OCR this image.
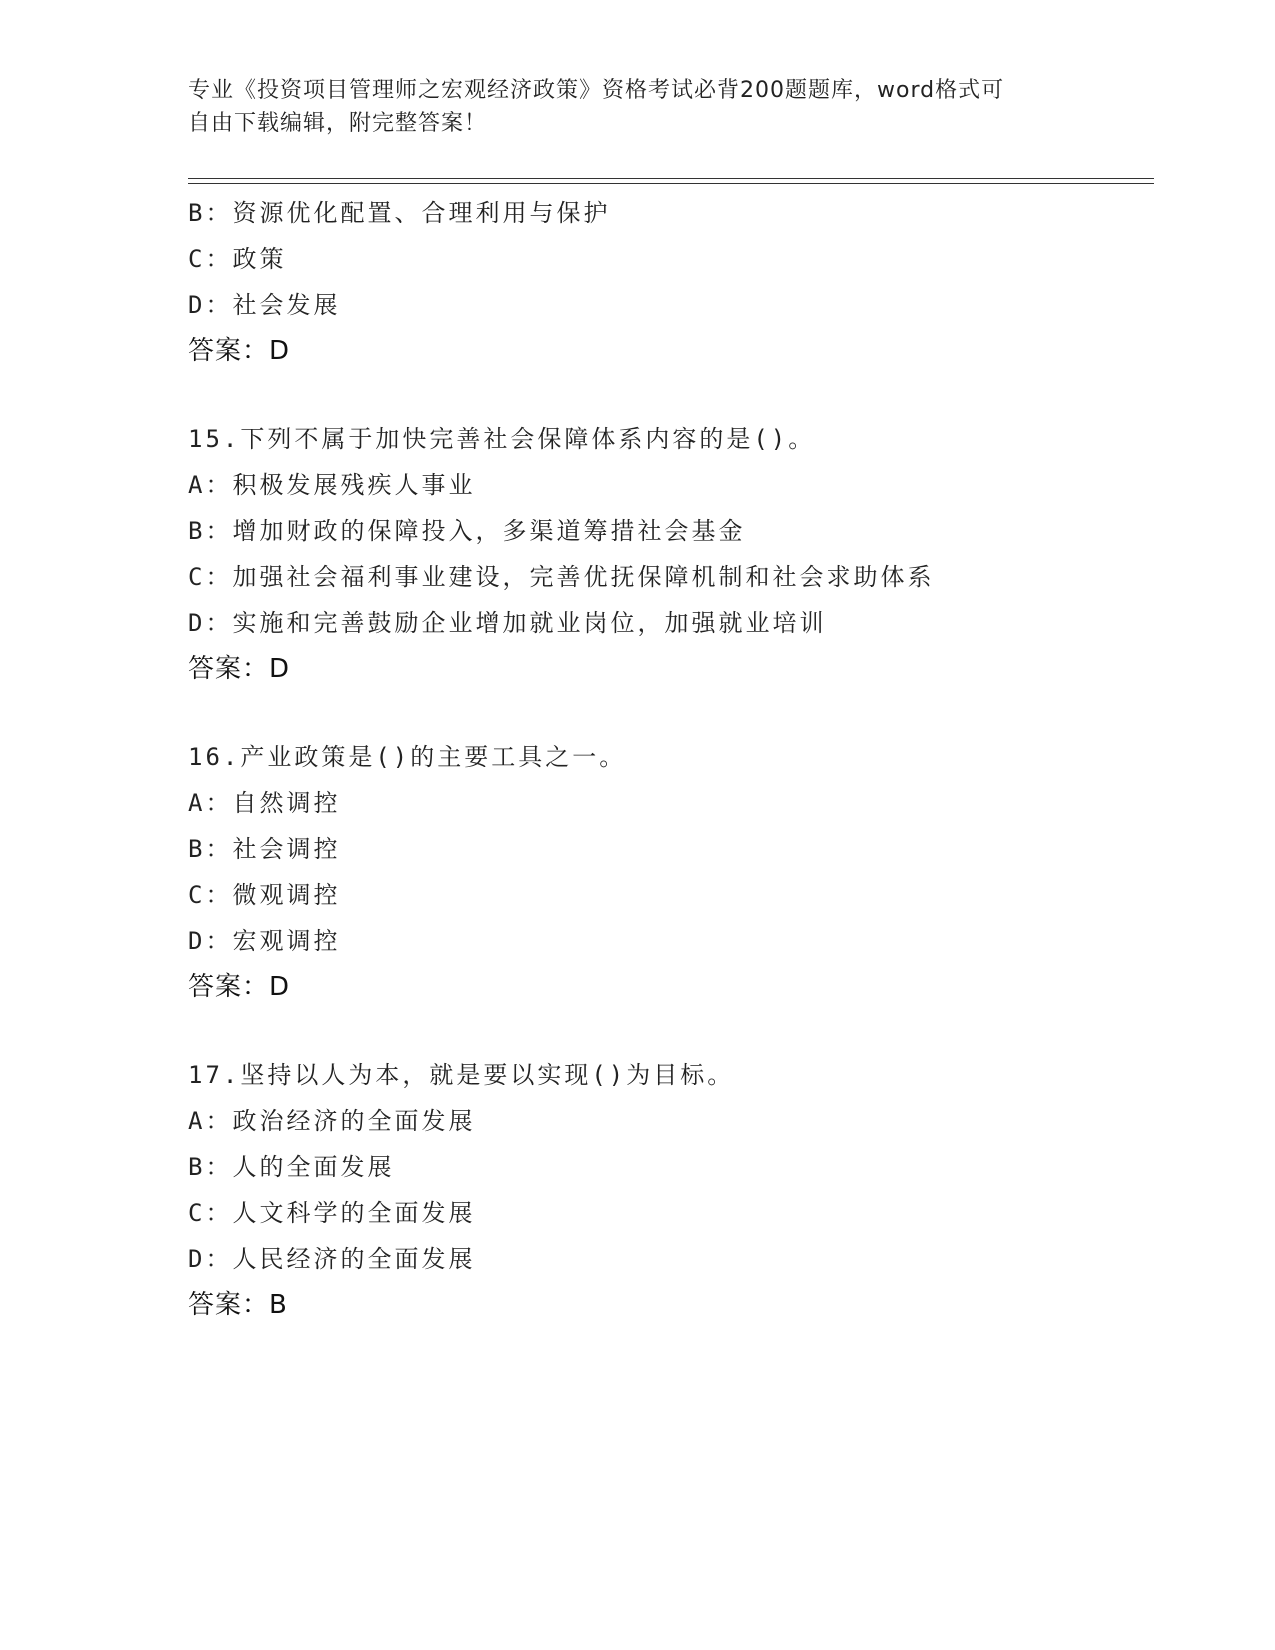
专业《投资项目管理师之宏观经济政策》资格考试必背200题题库，word格式可
自由下载编辑，附完整答案！
B：资源优化配置、合理利用与保护
C：政策
D：社会发展
答案：D
15.下列不属于加快完善社会保障体系内容的是()。
A：积极发展残疾人事业
B：增加财政的保障投入，多渠道筹措社会基金
C：加强社会福利事业建设，完善优抚保障机制和社会求助体系
D：实施和完善鼓励企业增加就业岗位，加强就业培训
答案：D
16.产业政策是()的主要工具之一。
A：自然调控
B：社会调控
C：微观调控
D：宏观调控
答案：D
17.坚持以人为本，就是要以实现()为目标。
A：政治经济的全面发展
B：人的全面发展
C：人文科学的全面发展
D：人民经济的全面发展
答案：B
